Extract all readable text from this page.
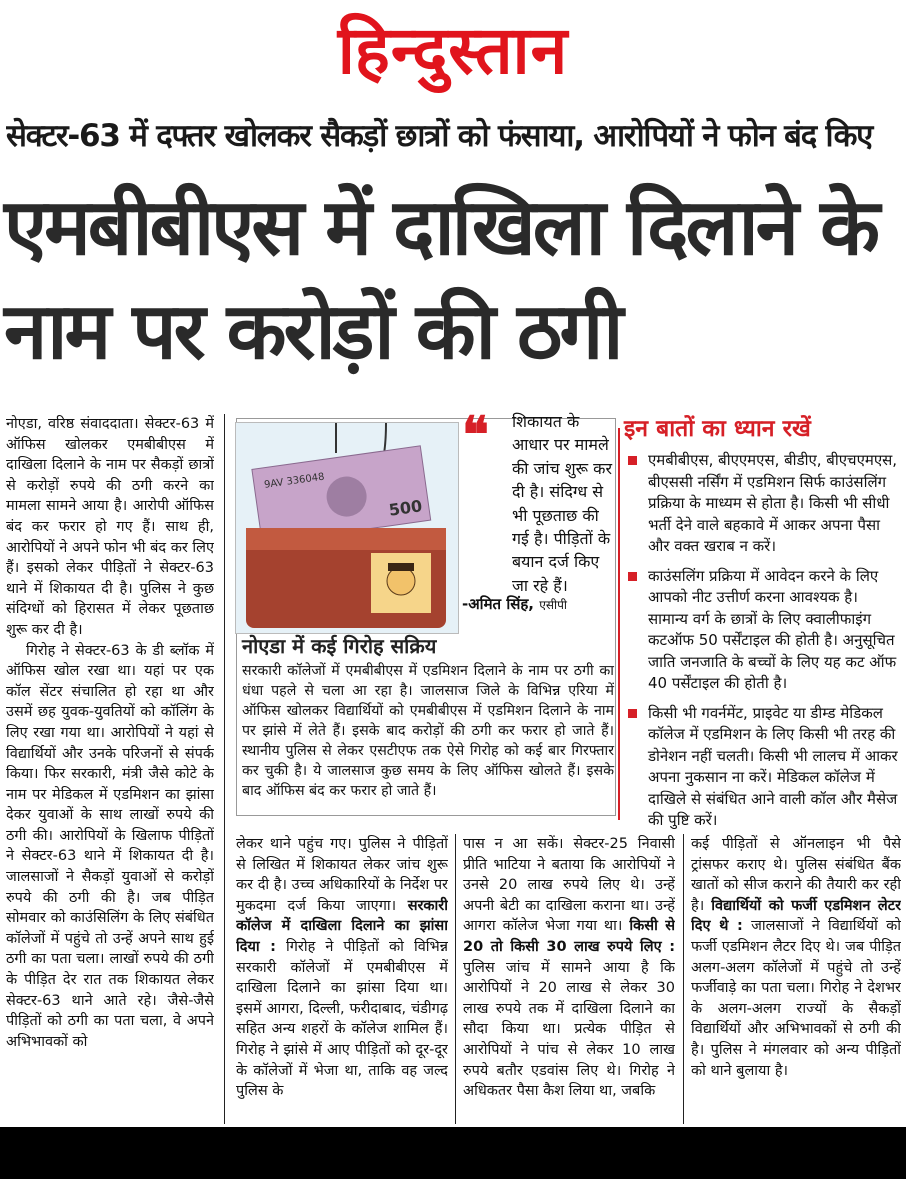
हिन्दुस्तान
सेक्टर-63 में दफ्तर खोलकर सैकड़ों छात्रों को फंसाया, आरोपियों ने फोन बंद किए
एमबीबीएस में दाखिला दिलाने के नाम पर करोड़ों की ठगी

नोएडा, वरिष्ठ संवाददाता। सेक्टर-63 में ऑफिस खोलकर एमबीबीएस में दाखिला दिलाने के नाम पर सैकड़ों छात्रों से करोड़ों रुपये की ठगी करने का मामला सामने आया है। आरोपी ऑफिस बंद कर फरार हो गए हैं। साथ ही, आरोपियों ने अपने फोन भी बंद कर लिए हैं। इसको लेकर पीड़ितों ने सेक्टर-63 थाने में शिकायत दी है। पुलिस ने कुछ संदिग्धों को हिरासत में लेकर पूछताछ शुरू कर दी है।

गिरोह ने सेक्टर-63 के डी ब्लॉक में ऑफिस खोल रखा था। यहां पर एक कॉल सेंटर संचालित हो रहा था और उसमें छह युवक-युवतियों को कॉलिंग के लिए रखा गया था। आरोपियों ने यहां से विद्यार्थियों और उनके परिजनों से संपर्क किया। फिर सरकारी, मंत्री जैसे कोटे के नाम पर मेडिकल में एडमिशन का झांसा देकर युवाओं के साथ लाखों रुपये की ठगी की। आरोपियों के खिलाफ पीड़ितों ने सेक्टर-63 थाने में शिकायत दी है। जालसाजों ने सैकड़ों युवाओं से करोड़ों रुपये की ठगी की है। जब पीड़ित सोमवार को काउंसिलिंग के लिए संबंधित कॉलेजों में पहुंचे तो उन्हें अपने साथ हुई ठगी का पता चला। लाखों रुपये की ठगी के पीड़ित देर रात तक शिकायत लेकर सेक्टर-63 थाने आते रहे। जैसे-जैसे पीड़ितों को ठगी का पता चला, वे अपने अभिभावकों को

9AV 336048
500
❝	शिकायत के आधार पर मामले की जांच शुरू कर दी है। संदिग्ध से भी पूछताछ की गई है। पीड़ितों के बयान दर्ज किए जा रहे हैं।
-अमित सिंह, एसीपी
नोएडा में कई गिरोह सक्रिय
सरकारी कॉलेजों में एमबीबीएस में एडमिशन दिलाने के नाम पर ठगी का धंधा पहले से चला आ रहा है। जालसाज जिले के विभिन्न एरिया में ऑफिस खोलकर विद्यार्थियों को एमबीबीएस में एडमिशन दिलाने के नाम पर झांसे में लेते हैं। इसके बाद करोड़ों की ठगी कर फरार हो जाते हैं। स्थानीय पुलिस से लेकर एसटीएफ तक ऐसे गिरोह को कई बार गिरफ्तार कर चुकी है। ये जालसाज कुछ समय के लिए ऑफिस खोलते हैं। इसके बाद ऑफिस बंद कर फरार हो जाते हैं।
इन बातों का ध्यान रखें
एमबीबीएस, बीएएमएस, बीडीए, बीएचएमएस, बीएससी नर्सिंग में एडमिशन सिर्फ काउंसलिंग प्रक्रिया के माध्यम से होता है। किसी भी सीधी भर्ती देने वाले बहकावे में आकर अपना पैसा और वक्त खराब न करें।
काउंसलिंग प्रक्रिया में आवेदन करने के लिए आपको नीट उत्तीर्ण करना आवश्यक है। सामान्य वर्ग के छात्रों के लिए क्वालीफाइंग कटऑफ 50 पर्सेंटाइल की होती है। अनुसूचित जाति जनजाति के बच्चों के लिए यह कट ऑफ 40 पर्सेंटाइल की होती है।
किसी भी गवर्नमेंट, प्राइवेट या डीम्ड मेडिकल कॉलेज में एडमिशन के लिए किसी भी तरह की डोनेशन नहीं चलती। किसी भी लालच में आकर अपना नुकसान ना करें। मेडिकल कॉलेज में दाखिले से संबंधित आने वाली कॉल और मैसेज की पुष्टि करें।

लेकर थाने पहुंच गए। पुलिस ने पीड़ितों से लिखित में शिकायत लेकर जांच शुरू कर दी है। उच्च अधिकारियों के निर्देश पर मुकदमा दर्ज किया जाएगा। सरकारी कॉलेज में दाखिला दिलाने का झांसा दिया : गिरोह ने पीड़ितों को विभिन्न सरकारी कॉलेजों में एमबीबीएस में दाखिला दिलाने का झांसा दिया था। इसमें आगरा, दिल्ली, फरीदाबाद, चंडीगढ़ सहित अन्य शहरों के कॉलेज शामिल हैं। गिरोह ने झांसे में आए पीड़ितों को दूर-दूर के कॉलेजों में भेजा था, ताकि वह जल्द पुलिस के

पास न आ सकें। सेक्टर-25 निवासी प्रीति भाटिया ने बताया कि आरोपियों ने उनसे 20 लाख रुपये लिए थे। उन्हें अपनी बेटी का दाखिला कराना था। उन्हें आगरा कॉलेज भेजा गया था। किसी से 20 तो किसी 30 लाख रुपये लिए : पुलिस जांच में सामने आया है कि आरोपियों ने 20 लाख से लेकर 30 लाख रुपये तक में दाखिला दिलाने का सौदा किया था। प्रत्येक पीड़ित से आरोपियों ने पांच से लेकर 10 लाख रुपये बतौर एडवांस लिए थे। गिरोह ने अधिकतर पैसा कैश लिया था, जबकि

कई पीड़ितों से ऑनलाइन भी पैसे ट्रांसफर कराए थे। पुलिस संबंधित बैंक खातों को सीज कराने की तैयारी कर रही है। विद्यार्थियों को फर्जी एडमिशन लेटर दिए थे : जालसाजों ने विद्यार्थियों को फर्जी एडमिशन लैटर दिए थे। जब पीड़ित अलग-अलग कॉलेजों में पहुंचे तो उन्हें फर्जीवाड़े का पता चला। गिरोह ने देशभर के अलग-अलग राज्यों के सैकड़ों विद्यार्थियों और अभिभावकों से ठगी की है। पुलिस ने मंगलवार को अन्य पीड़ितों को थाने बुलाया है।
